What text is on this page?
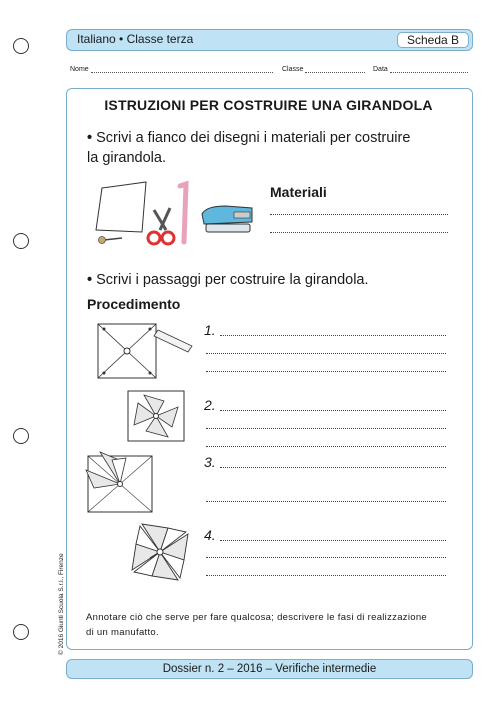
Italiano • Classe terza	Scheda B
Nome	Classe	Data
ISTRUZIONI PER COSTRUIRE UNA GIRANDOLA
• Scrivi a fianco dei disegni i materiali per costruire
la girandola.
Materiali
• Scrivi i passaggi per costruire la girandola.
Procedimento
1.
2.
3.
4.
Annotare ciò che serve per fare qualcosa; descrivere le fasi di realizzazione
di un manufatto.
Dossier n. 2 – 2016 – Verifiche intermedie
© 2016 Giunti Scuola S.r.l., Firenze
